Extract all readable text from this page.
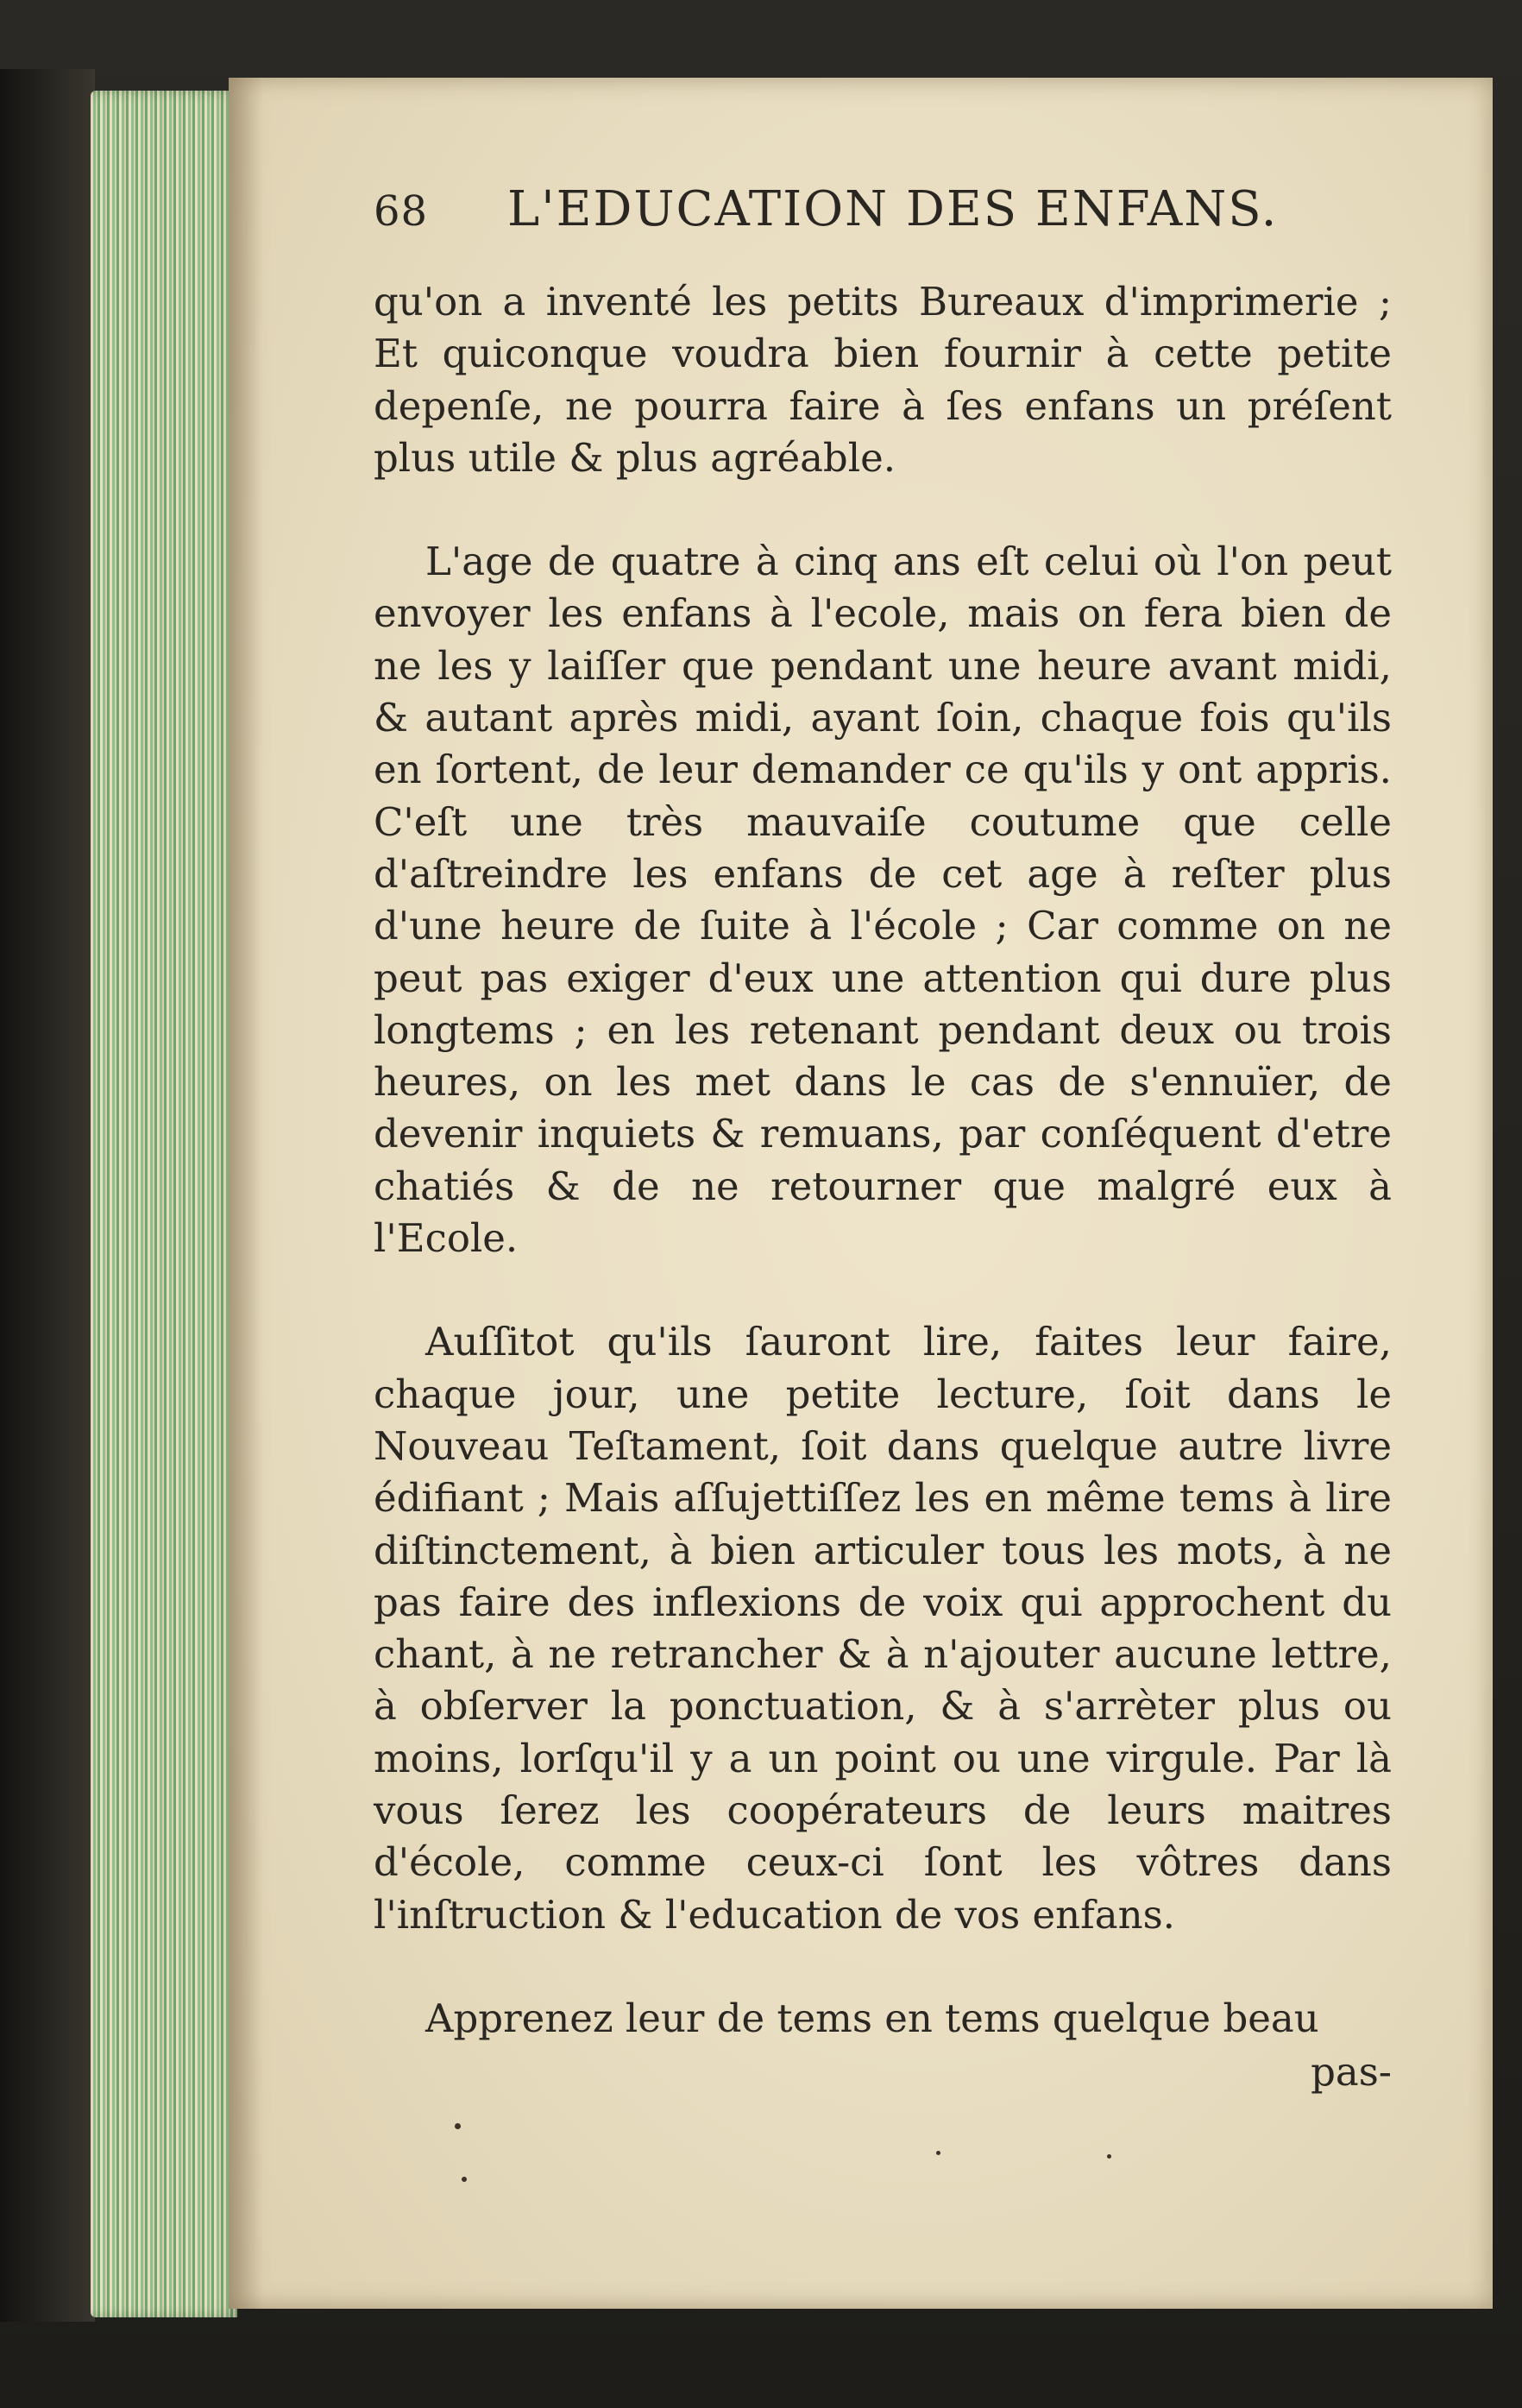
68	L'EDUCATION DES ENFANS.

qu'on a inventé les petits Bureaux d'imprimerie ; Et quiconque voudra bien fournir à cette petite depenſe, ne pourra faire à ſes enfans un préſent plus utile & plus agréable.

L'age de quatre à cinq ans eſt celui où l'on peut envoyer les enfans à l'ecole, mais on fera bien de ne les y laiſſer que pendant une heure avant midi, & autant après midi, ayant ſoin, chaque fois qu'ils en ſortent, de leur demander ce qu'ils y ont appris. C'eſt une très mauvaiſe coutume que celle d'aſtreindre les enfans de cet age à reſter plus d'une heure de ſuite à l'école ; Car comme on ne peut pas exiger d'eux une attention qui dure plus longtems ; en les retenant pendant deux ou trois heures, on les met dans le cas de s'ennuïer, de devenir inquiets & remuans, par conſéquent d'etre chatiés & de ne retourner que malgré eux à l'Ecole.

Auſſitot qu'ils ſauront lire, faites leur faire, chaque jour, une petite lecture, ſoit dans le Nouveau Teſtament, ſoit dans quelque autre livre édifiant ; Mais aſſujettiſſez les en même tems à lire diſtinctement, à bien articuler tous les mots, à ne pas faire des inflexions de voix qui approchent du chant, à ne retrancher & à n'ajouter aucune lettre, à obſerver la ponctuation, & à s'arrèter plus ou moins, lorſqu'il y a un point ou une virgule. Par là vous ſerez les coopérateurs de leurs maitres d'école, comme ceux-ci ſont les vôtres dans l'inſtruction & l'education de vos enfans.

Apprenez leur de tems en tems quelque beau

pas-
